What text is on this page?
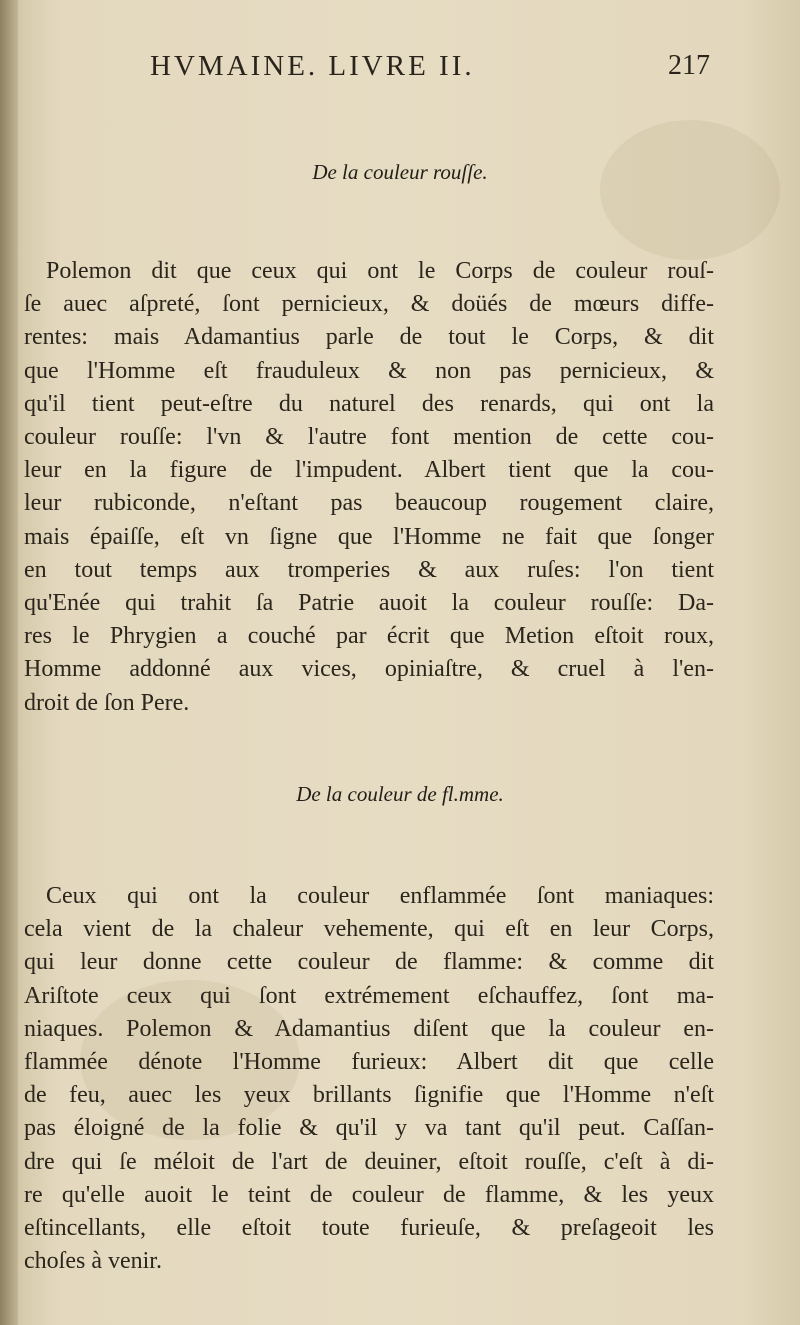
HVMAINE. LIVRE II.	217
De la couleur rouſſe.
Polemon dit que ceux qui ont le Corps de couleur rouſ-
ſe auec aſpreté, ſont pernicieux, & doüés de mœurs diffe-
rentes: mais Adamantius parle de tout le Corps, & dit
que l'Homme eſt frauduleux & non pas pernicieux, &
qu'il tient peut-eſtre du naturel des renards, qui ont la
couleur rouſſe: l'vn & l'autre font mention de cette cou-
leur en la figure de l'impudent. Albert tient que la cou-
leur rubiconde, n'eſtant pas beaucoup rougement claire,
mais épaiſſe, eſt vn ſigne que l'Homme ne fait que ſonger
en tout temps aux tromperies & aux ruſes: l'on tient
qu'Enée qui trahit ſa Patrie auoit la couleur rouſſe: Da-
res le Phrygien a couché par écrit que Metion eſtoit roux,
Homme addonné aux vices, opiniaſtre, & cruel à l'en-
droit de ſon Pere.
De la couleur de fl.mme.
Ceux qui ont la couleur enflammée ſont maniaques:
cela vient de la chaleur vehemente, qui eſt en leur Corps,
qui leur donne cette couleur de flamme: & comme dit
Ariſtote ceux qui ſont extrémement eſchauffez, ſont ma-
niaques. Polemon & Adamantius diſent que la couleur en-
flammée dénote l'Homme furieux: Albert dit que celle
de feu, auec les yeux brillants ſignifie que l'Homme n'eſt
pas éloigné de la folie & qu'il y va tant qu'il peut. Caſſan-
dre qui ſe méloit de l'art de deuiner, eſtoit rouſſe, c'eſt à di-
re qu'elle auoit le teint de couleur de flamme, & les yeux
eſtincellants, elle eſtoit toute furieuſe, & preſageoit les
choſes à venir.
